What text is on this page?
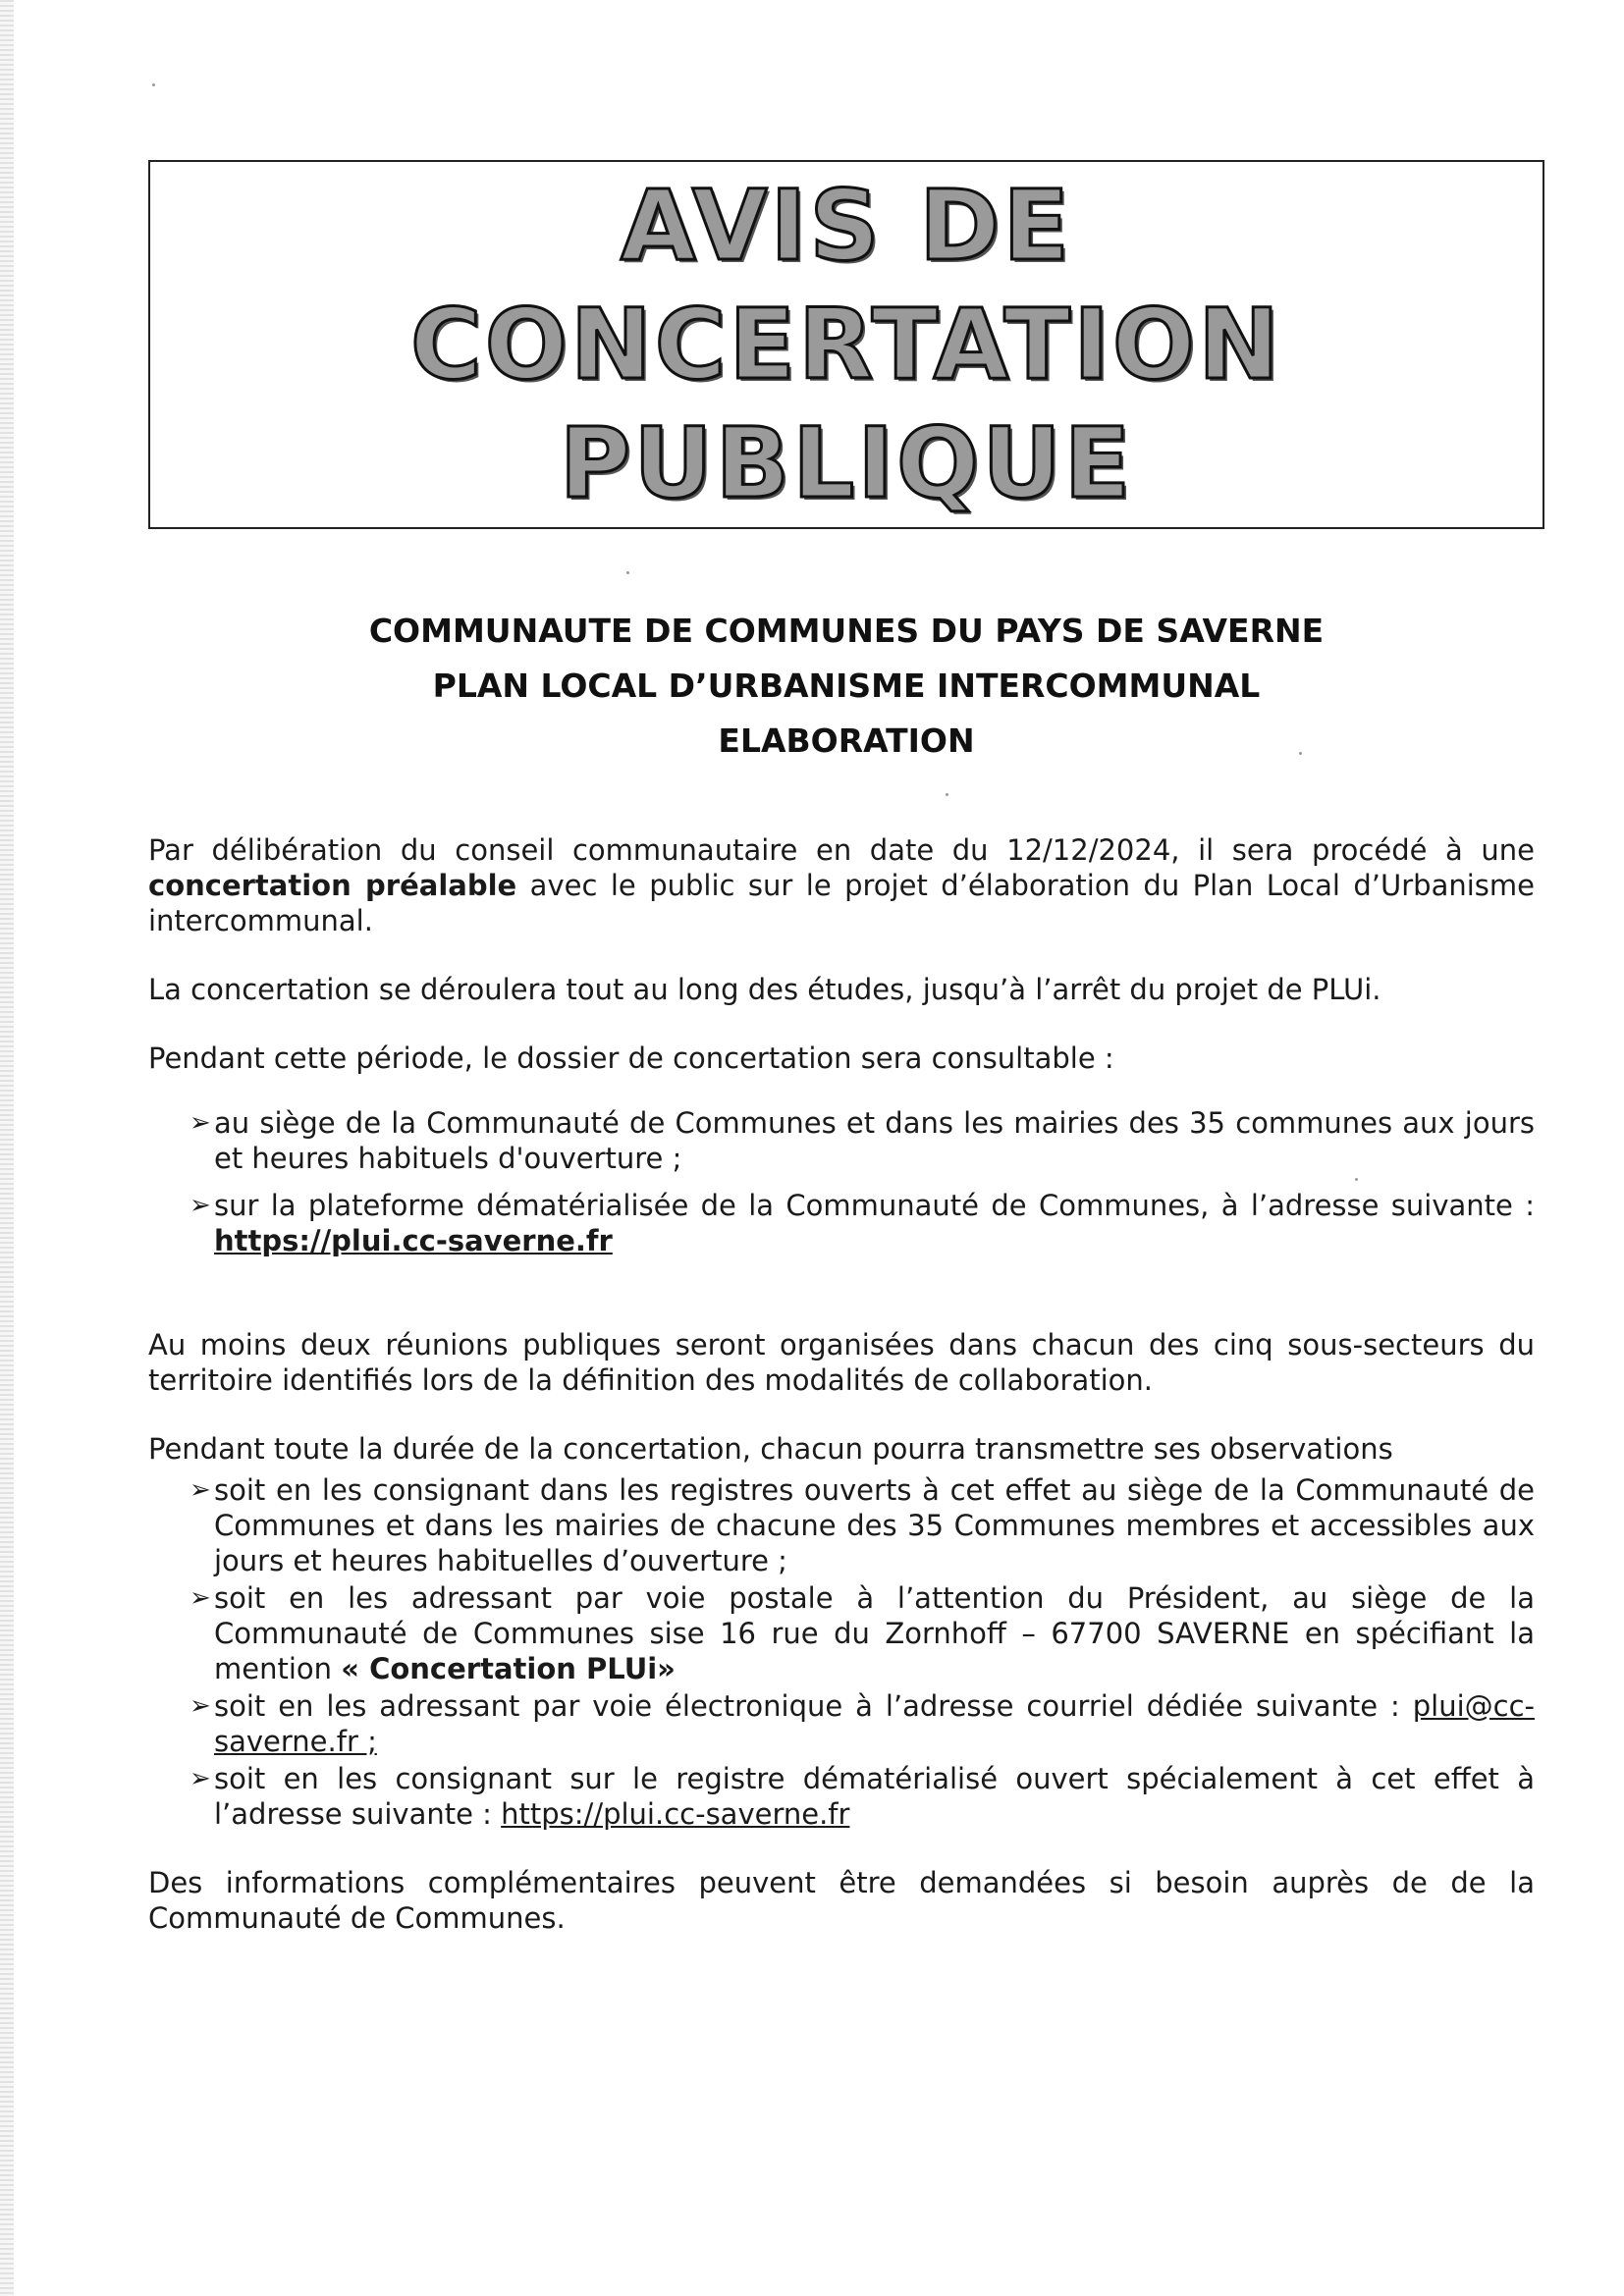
AVIS DE
CONCERTATION
PUBLIQUE
COMMUNAUTE DE COMMUNES DU PAYS DE SAVERNE
PLAN LOCAL D’URBANISME INTERCOMMUNAL
ELABORATION

Par délibération du conseil communautaire en date du 12/12/2024, il sera procédé à une concertation préalable avec le public sur le projet d’élaboration du Plan Local d’Urbanisme intercommunal.

La concertation se déroulera tout au long des études, jusqu’à l’arrêt du projet de PLUi.

Pendant cette période, le dossier de concertation sera consultable :

➢ au siège de la Communauté de Communes et dans les mairies des 35 communes aux jours et heures habituels d'ouverture ;
➢ sur la plateforme dématérialisée de la Communauté de Communes, à l’adresse suivante : https://plui.cc-saverne.fr

Au moins deux réunions publiques seront organisées dans chacun des cinq sous-secteurs du territoire identifiés lors de la définition des modalités de collaboration.

Pendant toute la durée de la concertation, chacun pourra transmettre ses observations

➢ soit en les consignant dans les registres ouverts à cet effet au siège de la Communauté de Communes et dans les mairies de chacune des 35 Communes membres et accessibles aux jours et heures habituelles d’ouverture ;
➢ soit en les adressant par voie postale à l’attention du Président, au siège de la Communauté de Communes sise 16 rue du Zornhoff – 67700 SAVERNE en spécifiant la mention « Concertation PLUi»
➢ soit en les adressant par voie électronique à l’adresse courriel dédiée suivante : plui@cc-saverne.fr ;
➢ soit en les consignant sur le registre dématérialisé ouvert spécialement à cet effet à l’adresse suivante : https://plui.cc-saverne.fr

Des informations complémentaires peuvent être demandées si besoin auprès de de la Communauté de Communes.
